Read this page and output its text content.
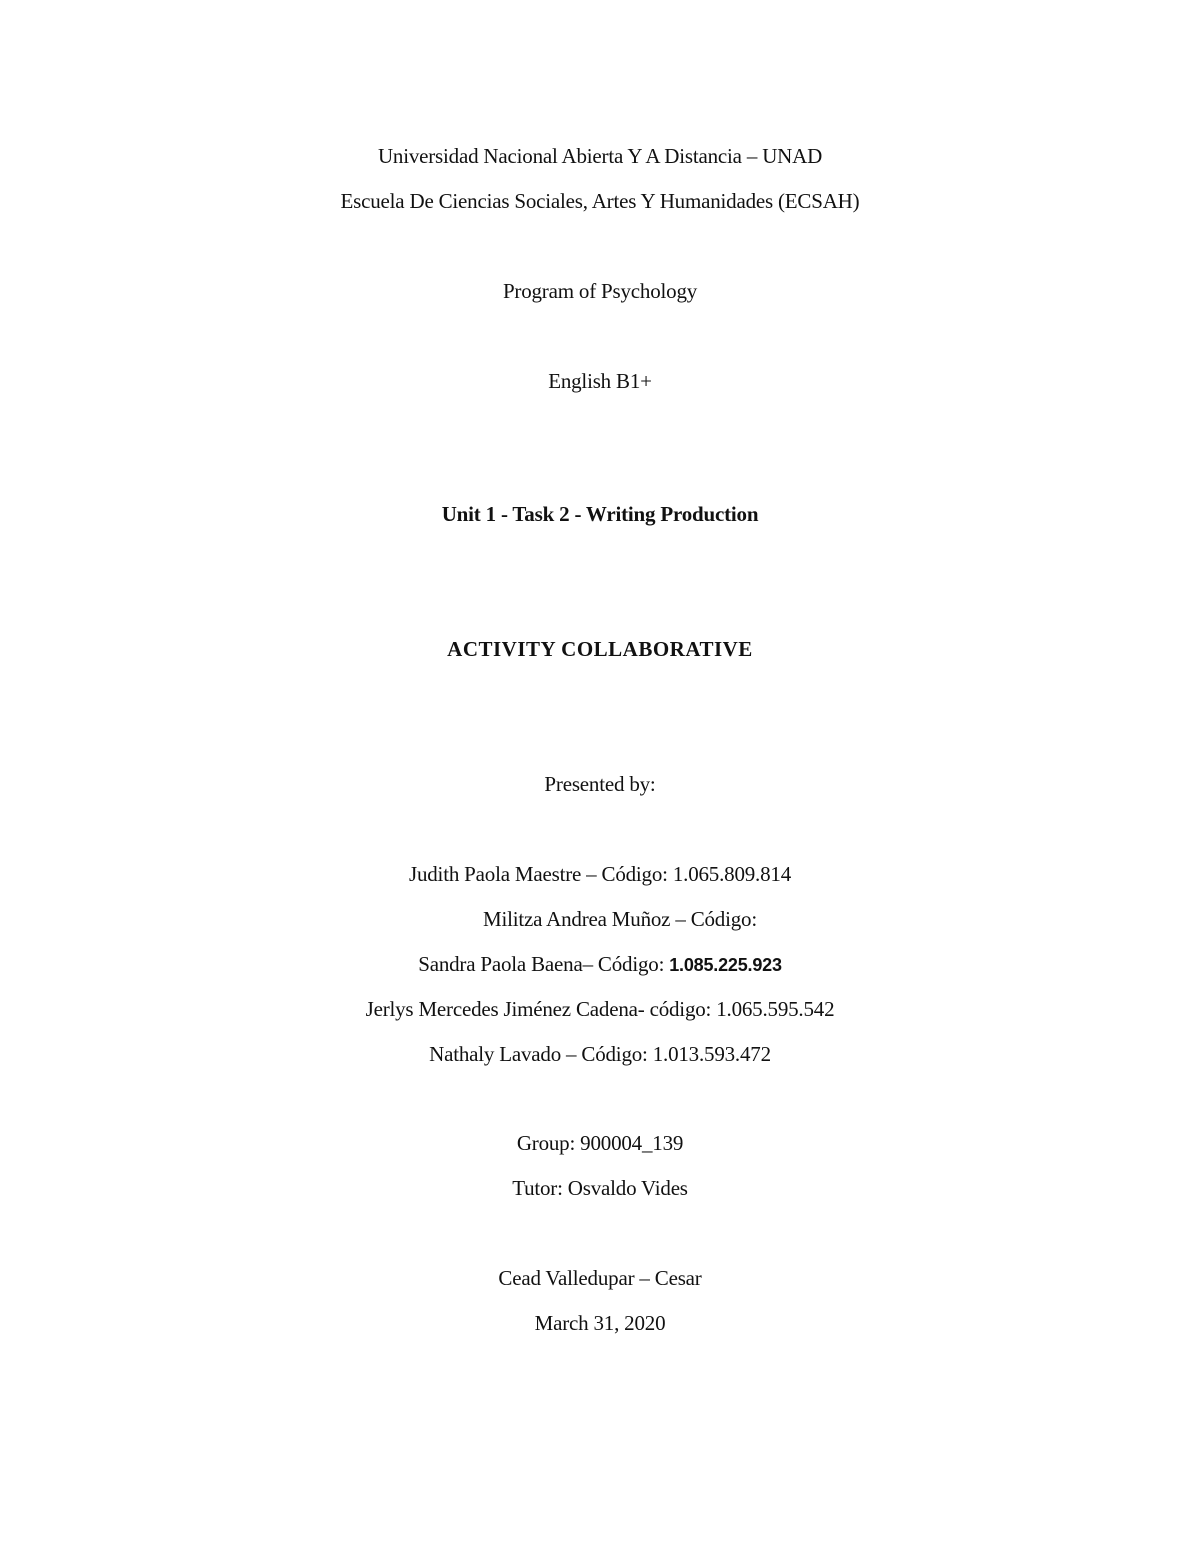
Universidad Nacional Abierta Y A Distancia – UNAD
Escuela De Ciencias Sociales, Artes Y Humanidades (ECSAH)
Program of Psychology
English B1+
Unit 1 - Task 2 - Writing Production
ACTIVITY COLLABORATIVE
Presented by:
Judith Paola Maestre – Código: 1.065.809.814
Militza Andrea Muñoz – Código:
Sandra Paola Baena– Código: 1.085.225.923
Jerlys Mercedes Jiménez Cadena- código: 1.065.595.542
Nathaly Lavado – Código: 1.013.593.472
Group: 900004_139
Tutor: Osvaldo Vides
Cead Valledupar – Cesar
March 31, 2020
